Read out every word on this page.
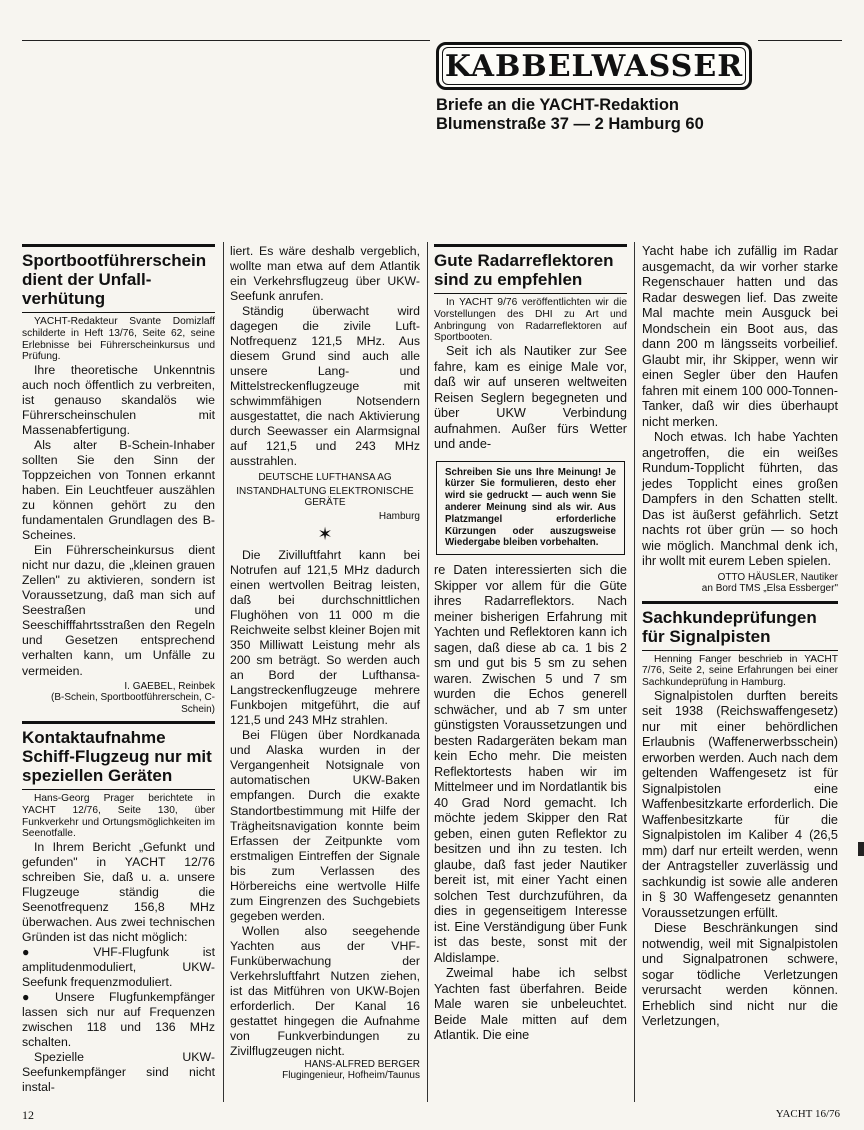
KABBELWASSER
Briefe an die YACHT-Redaktion
Blumenstraße 37 — 2 Hamburg 60
Sportbootführerschein dient der Unfall-verhütung

YACHT-Redakteur Svante Domizlaff schilderte in Heft 13/76, Seite 62, seine Erlebnisse bei Führerscheinkursus und Prüfung.

Ihre theoretische Unkenntnis auch noch öffentlich zu verbreiten, ist genauso skandalös wie Führerscheinschulen mit Massenabfertigung.

Als alter B-Schein-Inhaber sollten Sie den Sinn der Toppzeichen von Tonnen erkannt haben. Ein Leuchtfeuer auszählen zu können gehört zu den fundamentalen Grundlagen des B-Scheines.

Ein Führerscheinkursus dient nicht nur dazu, die „kleinen grauen Zellen" zu aktivieren, sondern ist Voraussetzung, daß man sich auf Seestraßen und Seeschifffahrtsstraßen den Regeln und Gesetzen entsprechend verhalten kann, um Unfälle zu vermeiden.

I. GAEBEL, Reinbek
(B-Schein, Sportbootführerschein, C-Schein)
Kontaktaufnahme Schiff-Flugzeug nur mit speziellen Geräten

Hans-Georg Prager berichtete in YACHT 12/76, Seite 130, über Funkverkehr und Ortungsmöglichkeiten im Seenotfalle.

In Ihrem Bericht „Gefunkt und gefunden" in YACHT 12/76 schreiben Sie, daß u. a. unsere Flugzeuge ständig die Seenotfrequenz 156,8 MHz überwachen. Aus zwei technischen Gründen ist das nicht möglich:

● VHF-Flugfunk ist amplitudenmoduliert, UKW-Seefunk frequenzmoduliert.

● Unsere Flugfunkempfänger lassen sich nur auf Frequenzen zwischen 118 und 136 MHz schalten.

Spezielle UKW-Seefunkempfänger sind nicht instal-

liert. Es wäre deshalb vergeblich, wollte man etwa auf dem Atlantik ein Verkehrsflugzeug über UKW-Seefunk anrufen.

Ständig überwacht wird dagegen die zivile Luft-Notfrequenz 121,5 MHz. Aus diesem Grund sind auch alle unsere Lang- und Mittelstreckenflugzeuge mit schwimmfähigen Notsendern ausgestattet, die nach Aktivierung durch Seewasser ein Alarmsignal auf 121,5 und 243 MHz ausstrahlen.

DEUTSCHE LUFTHANSA AG
INSTANDHALTUNG ELEKTRONISCHE GERÄTE
Hamburg
✶

Die Zivilluftfahrt kann bei Notrufen auf 121,5 MHz dadurch einen wertvollen Beitrag leisten, daß bei durchschnittlichen Flughöhen von 11 000 m die Reichweite selbst kleiner Bojen mit 350 Milliwatt Leistung mehr als 200 sm beträgt. So werden auch an Bord der Lufthansa-Langstreckenflugzeuge mehrere Funkbojen mitgeführt, die auf 121,5 und 243 MHz strahlen.

Bei Flügen über Nordkanada und Alaska wurden in der Vergangenheit Notsignale von automatischen UKW-Baken empfangen. Durch die exakte Standortbestimmung mit Hilfe der Trägheitsnavigation konnte beim Erfassen der Zeitpunkte vom erstmaligen Eintreffen der Signale bis zum Verlassen des Hörbereichs eine wertvolle Hilfe zum Eingrenzen des Suchgebiets gegeben werden.

Wollen also seegehende Yachten aus der VHF-Funküberwachung der Verkehrsluftfahrt Nutzen ziehen, ist das Mitführen von UKW-Bojen erforderlich. Der Kanal 16 gestattet hingegen die Aufnahme von Funkverbindungen zu Zivilflugzeugen nicht.

HANS-ALFRED BERGER
Flugingenieur, Hofheim/Taunus
Gute Radarreflektoren sind zu empfehlen

In YACHT 9/76 veröffentlichten wir die Vorstellungen des DHI zu Art und Anbringung von Radarreflektoren auf Sportbooten.

Seit ich als Nautiker zur See fahre, kam es einige Male vor, daß wir auf unseren weltweiten Reisen Seglern begegneten und über UKW Verbindung aufnahmen. Außer fürs Wetter und ande-

Schreiben Sie uns Ihre Meinung! Je kürzer Sie formulieren, desto eher wird sie gedruckt — auch wenn Sie anderer Meinung sind als wir. Aus Platzmangel erforderliche Kürzungen oder auszugsweise Wiedergabe bleiben vorbehalten.

re Daten interessierten sich die Skipper vor allem für die Güte ihres Radarreflektors. Nach meiner bisherigen Erfahrung mit Yachten und Reflektoren kann ich sagen, daß diese ab ca. 1 bis 2 sm und gut bis 5 sm zu sehen waren. Zwischen 5 und 7 sm wurden die Echos generell schwächer, und ab 7 sm unter günstigsten Voraussetzungen und besten Radargeräten bekam man kein Echo mehr. Die meisten Reflektortests haben wir im Mittelmeer und im Nordatlantik bis 40 Grad Nord gemacht. Ich möchte jedem Skipper den Rat geben, einen guten Reflektor zu besitzen und ihn zu testen. Ich glaube, daß fast jeder Nautiker bereit ist, mit einer Yacht einen solchen Test durchzuführen, da dies in gegenseitigem Interesse ist. Eine Verständigung über Funk ist das beste, sonst mit der Aldislampe.

Zweimal habe ich selbst Yachten fast überfahren. Beide Male waren sie unbeleuchtet. Beide Male mitten auf dem Atlantik. Die eine

Yacht habe ich zufällig im Radar ausgemacht, da wir vorher starke Regenschauer hatten und das Radar deswegen lief. Das zweite Mal machte mein Ausguck bei Mondschein ein Boot aus, das dann 200 m längsseits vorbeilief. Glaubt mir, ihr Skipper, wenn wir einen Segler über den Haufen fahren mit einem 100 000-Tonnen-Tanker, daß wir dies überhaupt nicht merken.

Noch etwas. Ich habe Yachten angetroffen, die ein weißes Rundum-Topplicht führten, das jedes Topplicht eines großen Dampfers in den Schatten stellt. Das ist äußerst gefährlich. Setzt nachts rot über grün — so hoch wie möglich. Manchmal denk ich, ihr wollt mit eurem Leben spielen.

OTTO HÄUSLER, Nautiker
an Bord TMS „Elsa Essberger"
Sachkundeprüfungen für Signalpisten

Henning Fanger beschrieb in YACHT 7/76, Seite 2, seine Erfahrungen bei einer Sachkundeprüfung in Hamburg.

Signalpistolen durften bereits seit 1938 (Reichswaffengesetz) nur mit einer behördlichen Erlaubnis (Waffenerwerbsschein) erworben werden. Auch nach dem geltenden Waffengesetz ist für Signalpistolen eine Waffenbesitzkarte erforderlich. Die Waffenbesitzkarte für die Signalpistolen im Kaliber 4 (26,5 mm) darf nur erteilt werden, wenn der Antragsteller zuverlässig und sachkundig ist sowie alle anderen in § 30 Waffengesetz genannten Voraussetzungen erfüllt.

Diese Beschränkungen sind notwendig, weil mit Signalpistolen und Signalpatronen schwere, sogar tödliche Verletzungen verursacht werden können. Erheblich sind nicht nur die Verletzungen,

12	YACHT 16/76
